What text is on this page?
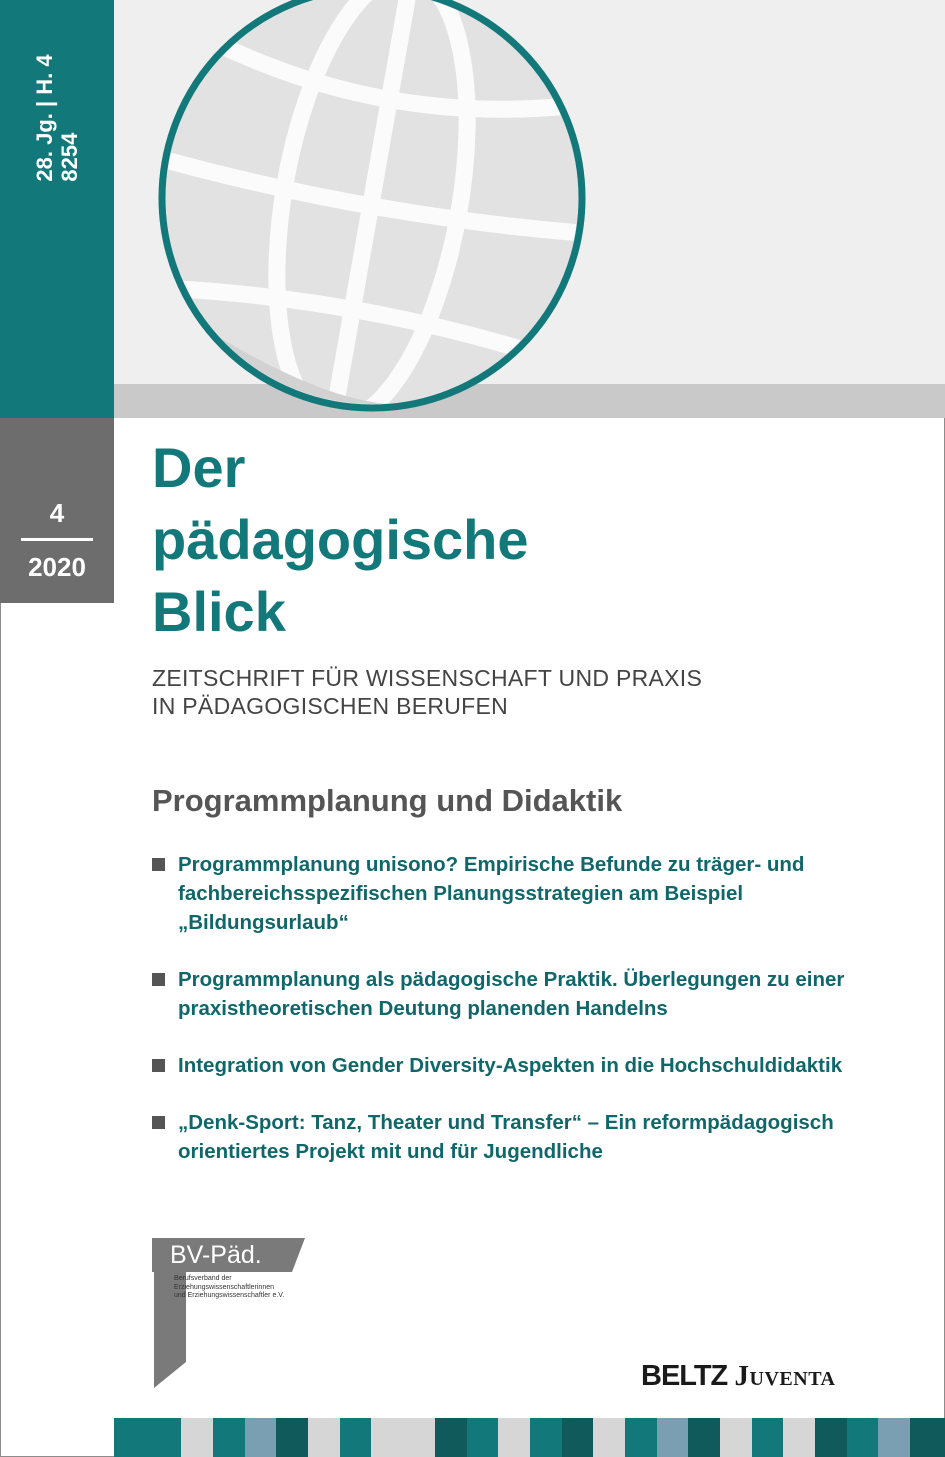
28. Jg. | H. 4 8254
4
2020
Der
pädagogische
Blick
ZEITSCHRIFT FÜR WISSENSCHAFT UND PRAXIS
IN PÄDAGOGISCHEN BERUFEN
Programmplanung und Didaktik
Programmplanung unisono? Empirische Befunde zu träger- und fachbereichsspezifischen Planungsstrategien am Beispiel „Bildungsurlaub“
Programmplanung als pädagogische Praktik. Überlegungen zu einer praxistheoretischen Deutung planenden Handelns
Integration von Gender Diversity-Aspekten in die Hochschuldidaktik
„Denk-Sport: Tanz, Theater und Transfer“ – Ein reformpädagogisch orientiertes Projekt mit und für Jugendliche
BV-Päd.
Berufsverband der
Erziehungswissenschaftlerinnen
und Erziehungswissenschaftler e.V.
BELTZ Juventa
